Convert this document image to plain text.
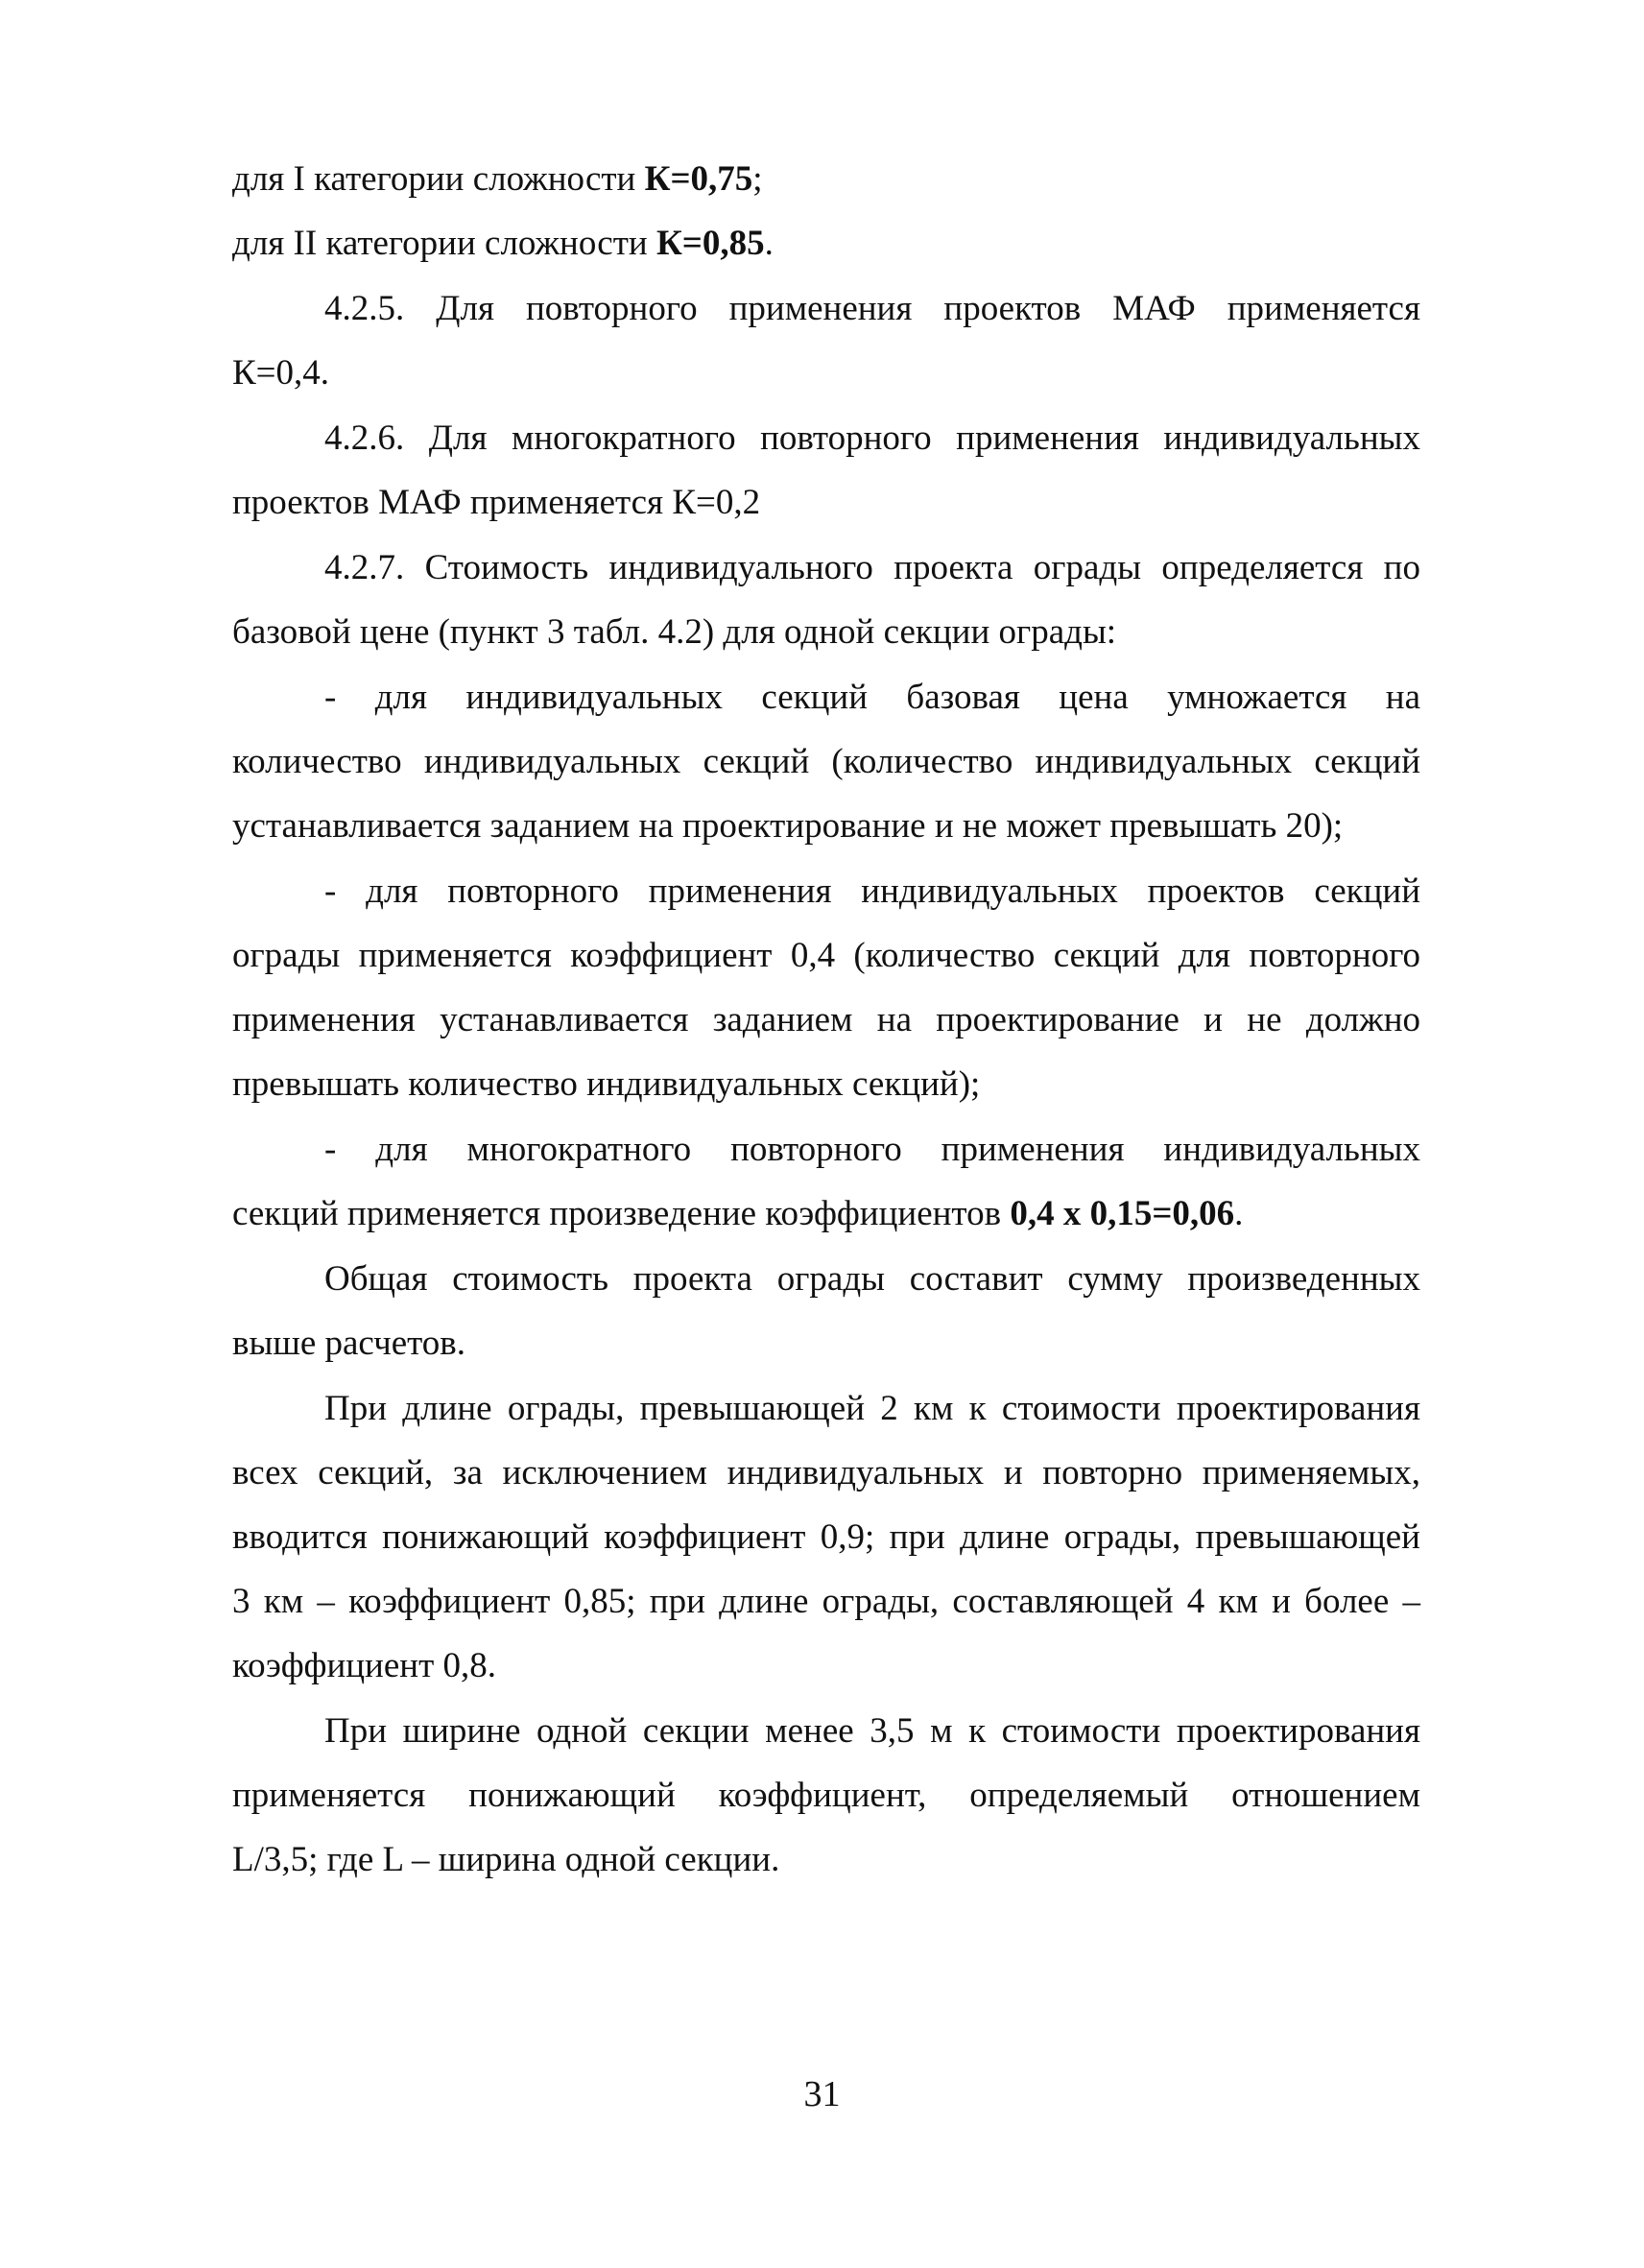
для I категории сложности К=0,75;
для II категории сложности К=0,85.
4.2.5. Для повторного применения проектов МАФ применяется
К=0,4.
4.2.6. Для многократного повторного применения индивидуальных
проектов МАФ применяется К=0,2
4.2.7. Стоимость индивидуального проекта ограды определяется по
базовой цене (пункт 3 табл. 4.2) для одной секции ограды:
- для индивидуальных секций базовая цена умножается на
количество индивидуальных секций (количество индивидуальных секций
устанавливается заданием на проектирование и не может превышать 20);
- для повторного применения индивидуальных проектов секций
ограды применяется коэффициент 0,4 (количество секций для повторного
применения устанавливается заданием на проектирование и не должно
превышать количество индивидуальных секций);
- для многократного повторного применения индивидуальных
секций применяется произведение коэффициентов 0,4 х 0,15=0,06.
Общая стоимость проекта ограды составит сумму произведенных
выше расчетов.
При длине ограды, превышающей 2 км к стоимости проектирования
всех секций, за исключением индивидуальных и повторно применяемых,
вводится понижающий коэффициент 0,9; при длине ограды, превышающей
3 км – коэффициент 0,85; при длине ограды, составляющей 4 км и более –
коэффициент 0,8.
При ширине одной секции менее 3,5 м к стоимости проектирования
применяется понижающий коэффициент, определяемый отношением
L/3,5; где L – ширина одной секции.
31
